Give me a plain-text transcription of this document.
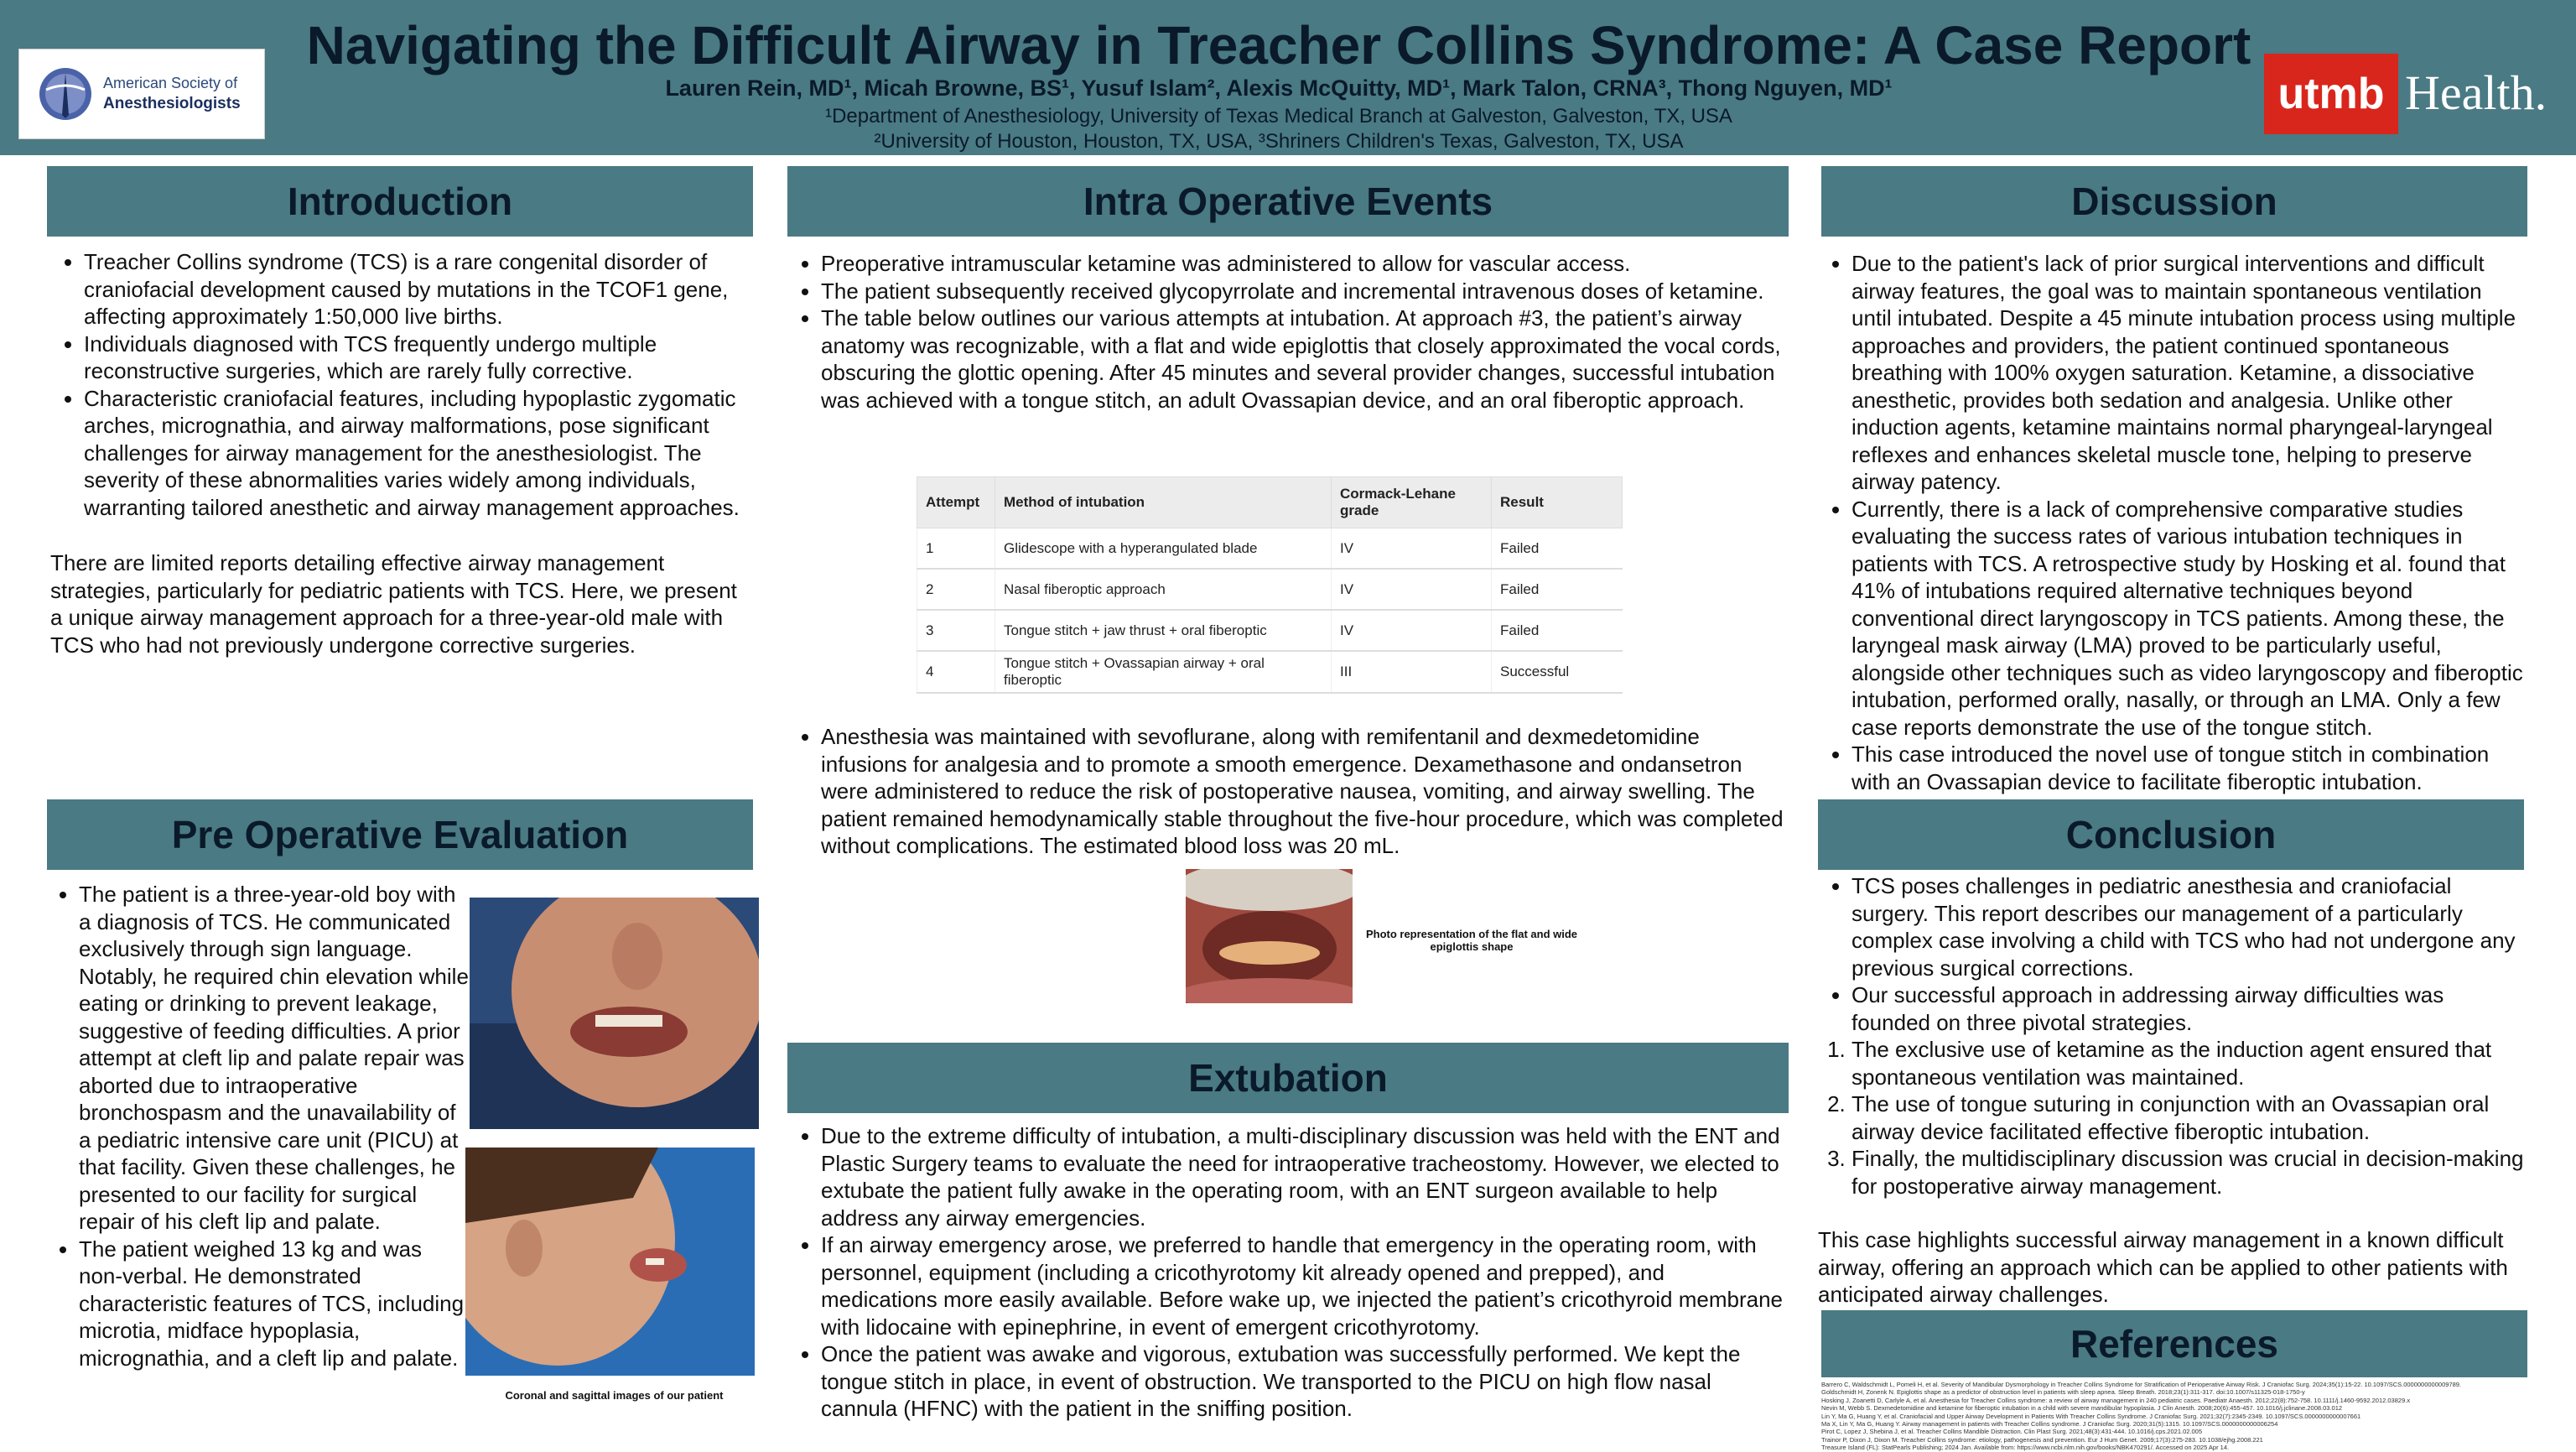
American Society of
Anesthesiologists
Navigating the Difficult Airway in Treacher Collins Syndrome: A Case Report
Lauren Rein, MD¹, Micah Browne, BS¹, Yusuf Islam², Alexis McQuitty, MD¹, Mark Talon, CRNA³, Thong Nguyen, MD¹
¹Department of Anesthesiology, University of Texas Medical Branch at Galveston, Galveston, TX, USA
²University of Houston, Houston, TX, USA, ³Shriners Children's Texas, Galveston, TX, USA
utmb Health.
Introduction
• Treacher Collins syndrome (TCS) is a rare congenital disorder of craniofacial development caused by mutations in the TCOF1 gene, affecting approximately 1:50,000 live births.
• Individuals diagnosed with TCS frequently undergo multiple reconstructive surgeries, which are rarely fully corrective.
• Characteristic craniofacial features, including hypoplastic zygomatic arches, micrognathia, and airway malformations, pose significant challenges for airway management for the anesthesiologist. The severity of these abnormalities varies widely among individuals, warranting tailored anesthetic and airway management approaches.

There are limited reports detailing effective airway management strategies, particularly for pediatric patients with TCS. Here, we present a unique airway management approach for a three-year-old male with TCS who had not previously undergone corrective surgeries.

Pre Operative Evaluation
• The patient is a three-year-old boy with a diagnosis of TCS. He communicated exclusively through sign language. Notably, he required chin elevation while eating or drinking to prevent leakage, suggestive of feeding difficulties. A prior attempt at cleft lip and palate repair was aborted due to intraoperative bronchospasm and the unavailability of a pediatric intensive care unit (PICU) at that facility. Given these challenges, he presented to our facility for surgical repair of his cleft lip and palate.
• The patient weighed 13 kg and was non-verbal. He demonstrated characteristic features of TCS, including microtia, midface hypoplasia, micrognathia, and a cleft lip and palate.
Coronal and sagittal images of our patient
Intra Operative Events
• Preoperative intramuscular ketamine was administered to allow for vascular access.
• The patient subsequently received glycopyrrolate and incremental intravenous doses of ketamine.
• The table below outlines our various attempts at intubation. At approach #3, the patient’s airway anatomy was recognizable, with a flat and wide epiglottis that closely approximated the vocal cords, obscuring the glottic opening. After 45 minutes and several provider changes, successful intubation was achieved with a tongue stitch, an adult Ovassapian device, and an oral fiberoptic approach.
Attempt	Method of intubation	Cormack-Lehane grade	Result
1	Glidescope with a hyperangulated blade	IV	Failed
2	Nasal fiberoptic approach	IV	Failed
3	Tongue stitch + jaw thrust + oral fiberoptic	IV	Failed
4	Tongue stitch + Ovassapian airway + oral fiberoptic	III	Successful
• Anesthesia was maintained with sevoflurane, along with remifentanil and dexmedetomidine infusions for analgesia and to promote a smooth emergence. Dexamethasone and ondansetron were administered to reduce the risk of postoperative nausea, vomiting, and airway swelling. The patient remained hemodynamically stable throughout the five-hour procedure, which was completed without complications. The estimated blood loss was 20 mL.
Photo representation of the flat and wide epiglottis shape
Extubation
• Due to the extreme difficulty of intubation, a multi-disciplinary discussion was held with the ENT and Plastic Surgery teams to evaluate the need for intraoperative tracheostomy. However, we elected to extubate the patient fully awake in the operating room, with an ENT surgeon available to help address any airway emergencies.
• If an airway emergency arose, we preferred to handle that emergency in the operating room, with personnel, equipment (including a cricothyrotomy kit already opened and prepped), and medications more easily available. Before wake up, we injected the patient’s cricothyroid membrane with lidocaine with epinephrine, in event of emergent cricothyrotomy.
• Once the patient was awake and vigorous, extubation was successfully performed. We kept the tongue stitch in place, in event of obstruction. We transported to the PICU on high flow nasal cannula (HFNC) with the patient in the sniffing position.
Discussion
• Due to the patient's lack of prior surgical interventions and difficult airway features, the goal was to maintain spontaneous ventilation until intubated. Despite a 45 minute intubation process using multiple approaches and providers, the patient continued spontaneous breathing with 100% oxygen saturation. Ketamine, a dissociative anesthetic, provides both sedation and analgesia. Unlike other induction agents, ketamine maintains normal pharyngeal-laryngeal reflexes and enhances skeletal muscle tone, helping to preserve airway patency.
• Currently, there is a lack of comprehensive comparative studies evaluating the success rates of various intubation techniques in patients with TCS. A retrospective study by Hosking et al. found that 41% of intubations required alternative techniques beyond conventional direct laryngoscopy in TCS patients. Among these, the laryngeal mask airway (LMA) proved to be particularly useful, alongside other techniques such as video laryngoscopy and fiberoptic intubation, performed orally, nasally, or through an LMA. Only a few case reports demonstrate the use of the tongue stitch.
• This case introduced the novel use of tongue stitch in combination with an Ovassapian device to facilitate fiberoptic intubation.
Conclusion
• TCS poses challenges in pediatric anesthesia and craniofacial surgery. This report describes our management of a particularly complex case involving a child with TCS who had not undergone any previous surgical corrections.
• Our successful approach in addressing airway difficulties was founded on three pivotal strategies.
1. The exclusive use of ketamine as the induction agent ensured that spontaneous ventilation was maintained.
2. The use of tongue suturing in conjunction with an Ovassapian oral airway device facilitated effective fiberoptic intubation.
3. Finally, the multidisciplinary discussion was crucial in decision-making for postoperative airway management.

This case highlights successful airway management in a known difficult airway, offering an approach which can be applied to other patients with anticipated airway challenges.

References

Barrero C, Waldschmidt L, Pomeli H, et al. Severity of Mandibular Dysmorphology in Treacher Collins Syndrome for Stratification of Perioperative Airway Risk. J Craniofac Surg. 2024;35(1):15-22. 10.1097/SCS.0000000000009789.

Goldschmidt H, Zonenk N. Epiglottis shape as a predictor of obstruction level in patients with sleep apnea. Sleep Breath. 2018;23(1):311-317. doi:10.1007/s11325-018-1750-y

Hosking J, Zoanetti D, Carlyle A, et al. Anesthesia for Treacher Collins syndrome: a review of airway management in 240 pediatric cases. Paediatr Anaesth. 2012;22(8):752-758. 10.1111/j.1460-9592.2012.03829.x

Nevin M, Webb S. Dexmedetomidine and ketamine for fiberoptic intubation in a child with severe mandibular hypoplasia. J Clin Anesth. 2008;20(6):455-457. 10.1016/j.jclinane.2008.03.012

Lin Y, Ma G, Huang Y, et al. Craniofacial and Upper Airway Development in Patients With Treacher Collins Syndrome. J Craniofac Surg. 2021;32(7):2345-2349. 10.1097/SCS.0000000000007661

Ma X, Lin Y, Ma G, Huang Y. Airway management in patients with Treacher Collins syndrome. J Craniofac Surg. 2020;31(5):1315. 10.1097/SCS.0000000000006254

Pirot C, Lopez J, Shebina J, et al. Treacher Collins Mandible Distraction. Clin Plast Surg. 2021;48(3):431-444. 10.1016/j.cps.2021.02.005

Trainor P, Dixon J, Dixon M. Treacher Collins syndrome: etiology, pathogenesis and prevention. Eur J Hum Genet. 2009;17(3):275-283. 10.1038/ejhg.2008.221

Treasure Island (FL): StatPearls Publishing; 2024 Jan. Available from: https://www.ncbi.nlm.nih.gov/books/NBK470291/. Accessed on 2025 Apr 14.
